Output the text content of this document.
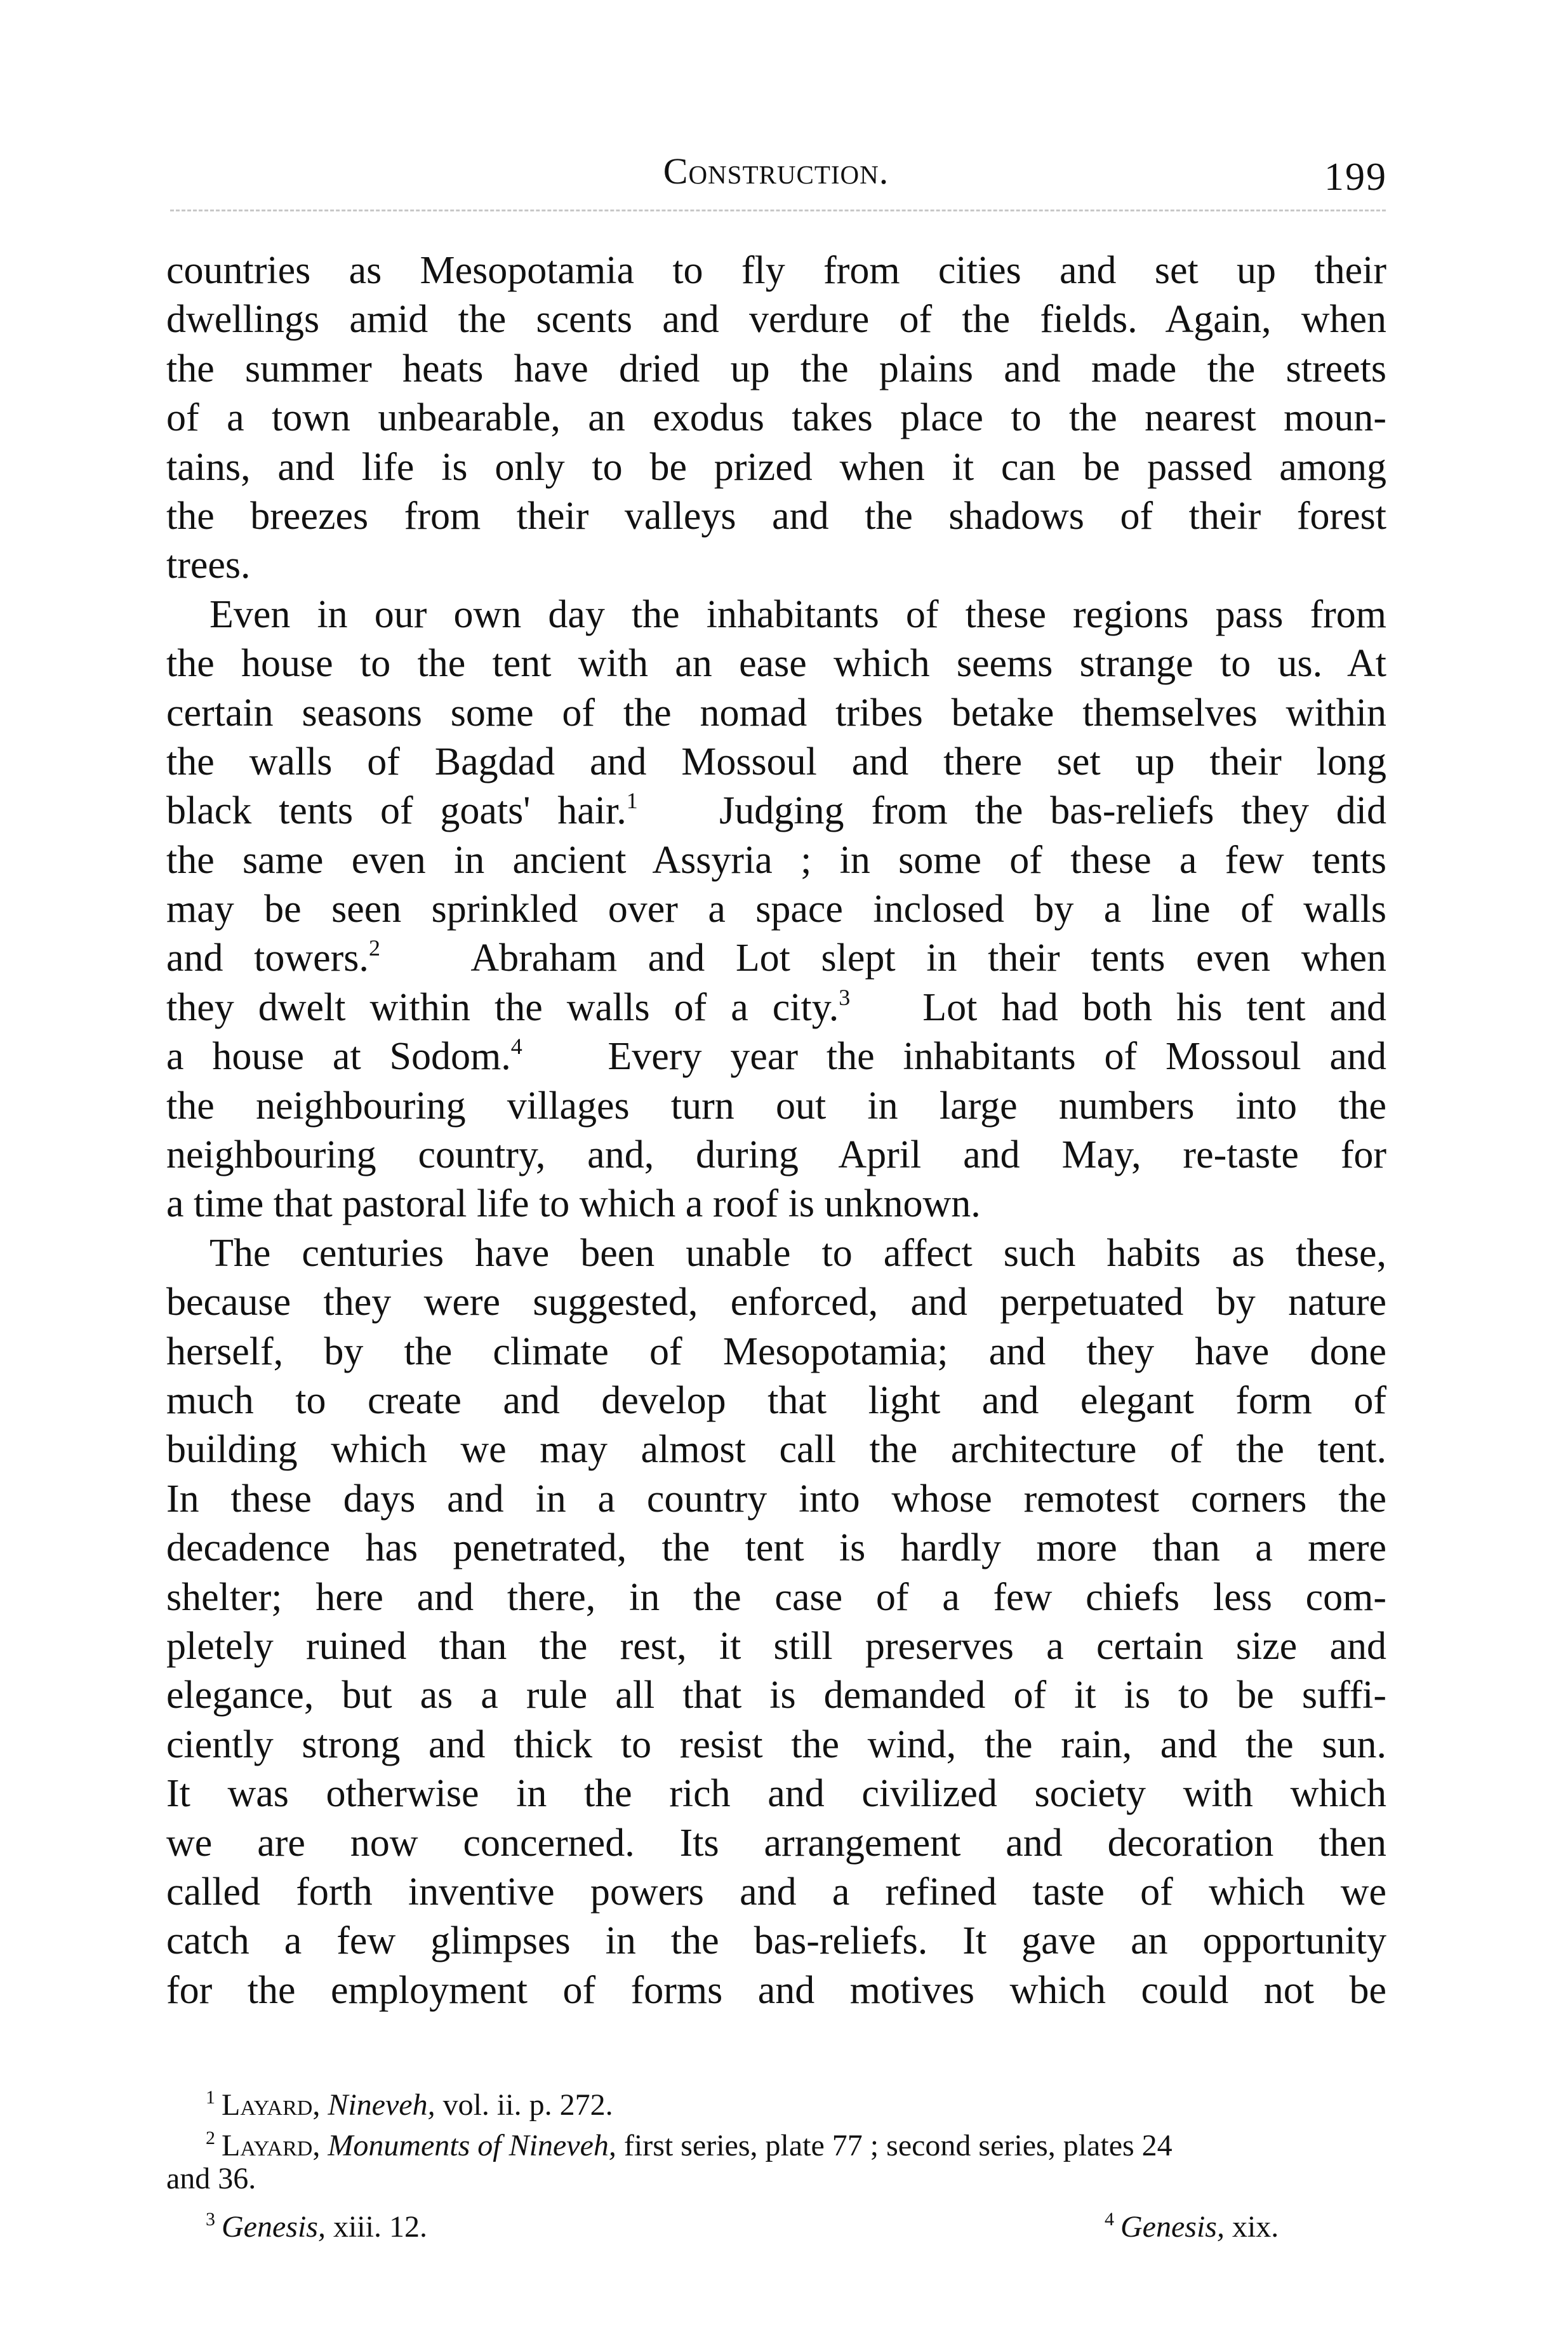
Construction.	199
countries as Mesopotamia to fly from cities and set up their
dwellings amid the scents and verdure of the fields. Again, when
the summer heats have dried up the plains and made the streets
of a town unbearable, an exodus takes place to the nearest moun-
tains, and life is only to be prized when it can be passed among
the breezes from their valleys and the shadows of their forest
trees.
Even in our own day the inhabitants of these regions pass from
the house to the tent with an ease which seems strange to us. At
certain seasons some of the nomad tribes betake themselves within
the walls of Bagdad and Mossoul and there set up their long
black tents of goats' hair.$^1$ Judging from the bas-reliefs they did
the same even in ancient Assyria ; in some of these a few tents
may be seen sprinkled over a space inclosed by a line of walls
and towers.$^2$ Abraham and Lot slept in their tents even when
they dwelt within the walls of a city.$^3$ Lot had both his tent and
a house at Sodom.$^4$ Every year the inhabitants of Mossoul and
the neighbouring villages turn out in large numbers into the
neighbouring country, and, during April and May, re-taste for
a time that pastoral life to which a roof is unknown.
The centuries have been unable to affect such habits as these,
because they were suggested, enforced, and perpetuated by nature
herself, by the climate of Mesopotamia; and they have done
much to create and develop that light and elegant form of
building which we may almost call the architecture of the tent.
In these days and in a country into whose remotest corners the
decadence has penetrated, the tent is hardly more than a mere
shelter; here and there, in the case of a few chiefs less com-
pletely ruined than the rest, it still preserves a certain size and
elegance, but as a rule all that is demanded of it is to be suffi-
ciently strong and thick to resist the wind, the rain, and the sun.
It was otherwise in the rich and civilized society with which
we are now concerned. Its arrangement and decoration then
called forth inventive powers and a refined taste of which we
catch a few glimpses in the bas-reliefs. It gave an opportunity
for the employment of forms and motives which could not be
$^1$ Layard, Nineveh, vol. ii. p. 272.
$^2$ Layard, Monuments of Nineveh, first series, plate 77 ; second series, plates 24
and 36.
$^3$ Genesis, xiii. 12.	$^4$ Genesis, xix.
